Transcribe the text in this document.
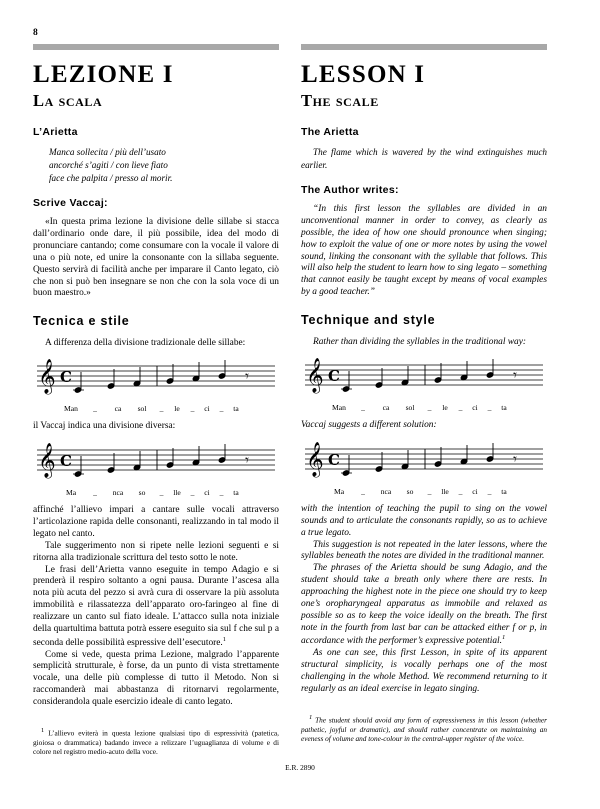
8
LEZIONE I
La scala
L’Arietta
Manca sollecita / più dell’usato
ancorché s’agiti / con lieve fiato
face che palpita / presso al morir.
Scrive Vaccaj:

«In questa prima lezione la divisione delle sillabe si stacca dall’ordinario onde dare, il più possibile, idea del modo di pronunciare cantando; come consumare con la vocale il valore di una o più note, ed unire la consonante con la sillaba seguente. Questo servirà di facilità anche per imparare il Canto legato, ciò che non si può ben insegnare se non che con la sola voce di un buon maestro.»

Tecnica e stile

A differenza della divisione tradizionale delle sillabe:

𝄞 C	𝄾
Man	_	ca	sol	_	le	_	ci	_	ta

il Vaccaj indica una divisione diversa:

𝄞 C	𝄾
Ma	_	nca	so	_	lle	_	ci	_	ta

affinché l’allievo impari a cantare sulle vocali attraverso l’articolazione rapida delle consonanti, realizzando in tal modo il legato nel canto.

Tale suggerimento non si ripete nelle lezioni seguenti e si ritorna alla tradizionale scrittura del testo sotto le note.

Le frasi dell’Arietta vanno eseguite in tempo Adagio e si prenderà il respiro soltanto a ogni pausa. Durante l’ascesa alla nota più acuta del pezzo si avrà cura di osservare la più assoluta immobilità e rilassatezza dell’apparato oro-faringeo al fine di realizzare un canto sul fiato ideale. L’attacco sulla nota iniziale della quartultima battuta potrà essere eseguito sia sul f che sul p a seconda delle possibilità espressive dell’esecutore.$^1$

Come si vede, questa prima Lezione, malgrado l’apparente semplicità strutturale, è forse, da un punto di vista strettamente vocale, una delle più complesse di tutto il Metodo. Non si raccomanderà mai abbastanza di ritornarvi regolarmente, considerandola quale esercizio ideale di canto legato.

$^1$ L’allievo eviterà in questa lezione qualsiasi tipo di espressività (patetica, gioiosa o drammatica) badando invece a relizzare l’uguaglianza di volume e di colore nel registro medio-acuto della voce.

LESSON I
The scale
The Arietta

The flame which is wavered by the wind extinguishes much earlier.

The Author writes:

“In this first lesson the syllables are divided in an unconventional manner in order to convey, as clearly as possible, the idea of how one should pronounce when singing; how to exploit the value of one or more notes by using the vowel sound, linking the consonant with the syllable that follows. This will also help the student to learn how to sing legato – something that cannot easily be taught except by means of vocal examples by a good teacher.”

Technique and style

Rather than dividing the syllables in the traditional way:

𝄞 C	𝄾
Man	_	ca	sol	_	le	_	ci	_	ta

Vaccaj suggests a different solution:

𝄞 C	𝄾
Ma	_	nca	so	_	lle	_	ci	_	ta

with the intention of teaching the pupil to sing on the vowel sounds and to articulate the consonants rapidly, so as to achieve a true legato.

This suggestion is not repeated in the later lessons, where the syllables beneath the notes are divided in the traditional manner.

The phrases of the Arietta should be sung Adagio, and the student should take a breath only where there are rests. In approaching the highest note in the piece one should try to keep one’s oropharyngeal apparatus as immobile and relaxed as possible so as to keep the voice ideally on the breath. The first note in the fourth from last bar can be attacked either f or p, in accordance with the performer’s expressive potential.$^1$

As one can see, this first Lesson, in spite of its apparent structural simplicity, is vocally perhaps one of the most challenging in the whole Method. We recommend returning to it regularly as an ideal exercise in legato singing.

$^1$ The student should avoid any form of expressiveness in this lesson (whether pathetic, joyful or dramatic), and should rather concentrate on maintaining an eveness of volume and tone-colour in the central-upper register of the voice.

E.R. 2890
